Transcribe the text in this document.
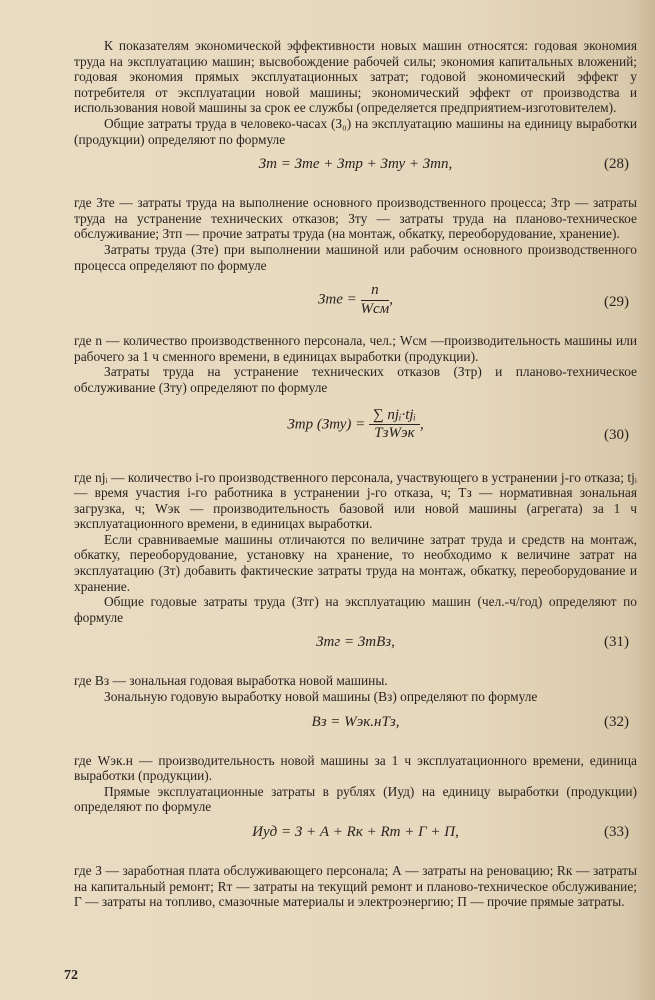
К показателям экономической эффективности новых машин относятся: годовая экономия труда на эксплуатацию машин; высвобождение рабочей силы; экономия капитальных вложений; годовая экономия прямых эксплуатационных затрат; годовой экономический эффект у потребителя от эксплуатации новой машины; экономический эффект от производства и использования новой машины за срок ее службы (определяется предприятием-изготовителем).

Общие затраты труда в человеко-часах (З₀) на эксплуатацию машины на единицу выработки (продукции) определяют по формуле

Зт = Зте + Зтр + Зту + Зтп,	(28)

где Зте — затраты труда на выполнение основного производственного процесса; Зтр — затраты труда на устранение технических отказов; Зту — затраты труда на планово-техническое обслуживание; Зтп — прочие затраты труда (на монтаж, обкатку, переоборудование, хранение).

Затраты труда (Зте) при выполнении машиной или рабочим основного производственного процесса определяют по формуле

Зте =
n
Wсм
,	(29)

где n — количество производственного персонала, чел.; Wсм —производительность машины или рабочего за 1 ч сменного времени, в единицах выработки (продукции).

Затраты труда на устранение технических отказов (Зтр) и планово-техническое обслуживание (Зту) определяют по формуле

Зтр (Зту) =
∑ njᵢ·tjᵢ
ТзWэк
,
(30)

где njᵢ — количество i-го производственного персонала, участвующего в устранении j-го отказа; tjᵢ — время участия i-го работника в устранении j-го отказа, ч; Тз — нормативная зональная загрузка, ч; Wэк — производительность базовой или новой машины (агрегата) за 1 ч эксплуатационного времени, в единицах выработки.

Если сравниваемые машины отличаются по величине затрат труда и средств на монтаж, обкатку, переоборудование, установку на хранение, то необходимо к величине затрат на эксплуатацию (Зт) добавить фактические затраты труда на монтаж, обкатку, переоборудование и хранение.

Общие годовые затраты труда (Зтг) на эксплуатацию машин (чел.-ч/год) определяют по формуле

Зтг = ЗтВз,	(31)

где Вз — зональная годовая выработка новой машины.

Зональную годовую выработку новой машины (Вз) определяют по формуле

Вз = Wэк.нТз,	(32)

где Wэк.н — производительность новой машины за 1 ч эксплуатационного времени, единица выработки (продукции).

Прямые эксплуатационные затраты в рублях (Иуд) на единицу выработки (продукции) определяют по формуле

Иуд = З + А + Rк + Rт + Г + П,	(33)

где З — заработная плата обслуживающего персонала; А — затраты на реновацию; Rк — затраты на капитальный ремонт; Rт — затраты на текущий ремонт и планово-техническое обслуживание; Г — затраты на топливо, смазочные материалы и электроэнергию; П — прочие прямые затраты.

72
